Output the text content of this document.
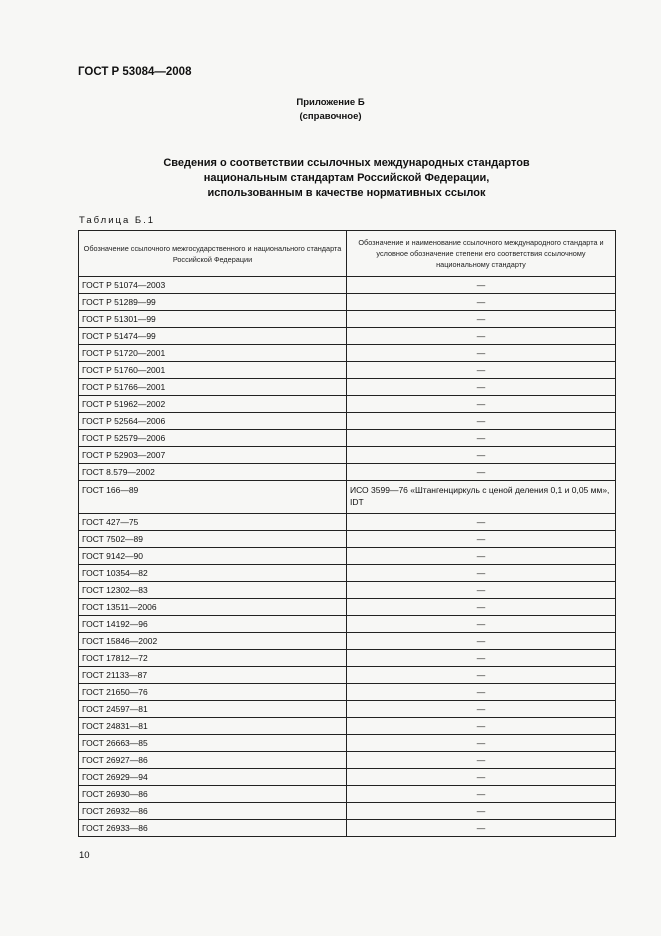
ГОСТ Р 53084—2008
Приложение Б
(справочное)
Сведения о соответствии ссылочных международных стандартов
национальным стандартам Российской Федерации,
использованным в качестве нормативных ссылок
Таблица Б.1
Обозначение ссылочного межгосударственного и национального стандарта Российской Федерации	Обозначение и наименование ссылочного международного стандарта и условное обозначение степени его соответствия ссылочному национальному стандарту
ГОСТ Р 51074—2003	—
ГОСТ Р 51289—99	—
ГОСТ Р 51301—99	—
ГОСТ Р 51474—99	—
ГОСТ Р 51720—2001	—
ГОСТ Р 51760—2001	—
ГОСТ Р 51766—2001	—
ГОСТ Р 51962—2002	—
ГОСТ Р 52564—2006	—
ГОСТ Р 52579—2006	—
ГОСТ Р 52903—2007	—
ГОСТ 8.579—2002	—
ГОСТ 166—89	ИСО 3599—76 «Штангенциркуль с ценой деления 0,1 и 0,05 мм», IDT
ГОСТ 427—75	—
ГОСТ 7502—89	—
ГОСТ 9142—90	—
ГОСТ 10354—82	—
ГОСТ 12302—83	—
ГОСТ 13511—2006	—
ГОСТ 14192—96	—
ГОСТ 15846—2002	—
ГОСТ 17812—72	—
ГОСТ 21133—87	—
ГОСТ 21650—76	—
ГОСТ 24597—81	—
ГОСТ 24831—81	—
ГОСТ 26663—85	—
ГОСТ 26927—86	—
ГОСТ 26929—94	—
ГОСТ 26930—86	—
ГОСТ 26932—86	—
ГОСТ 26933—86	—
10
